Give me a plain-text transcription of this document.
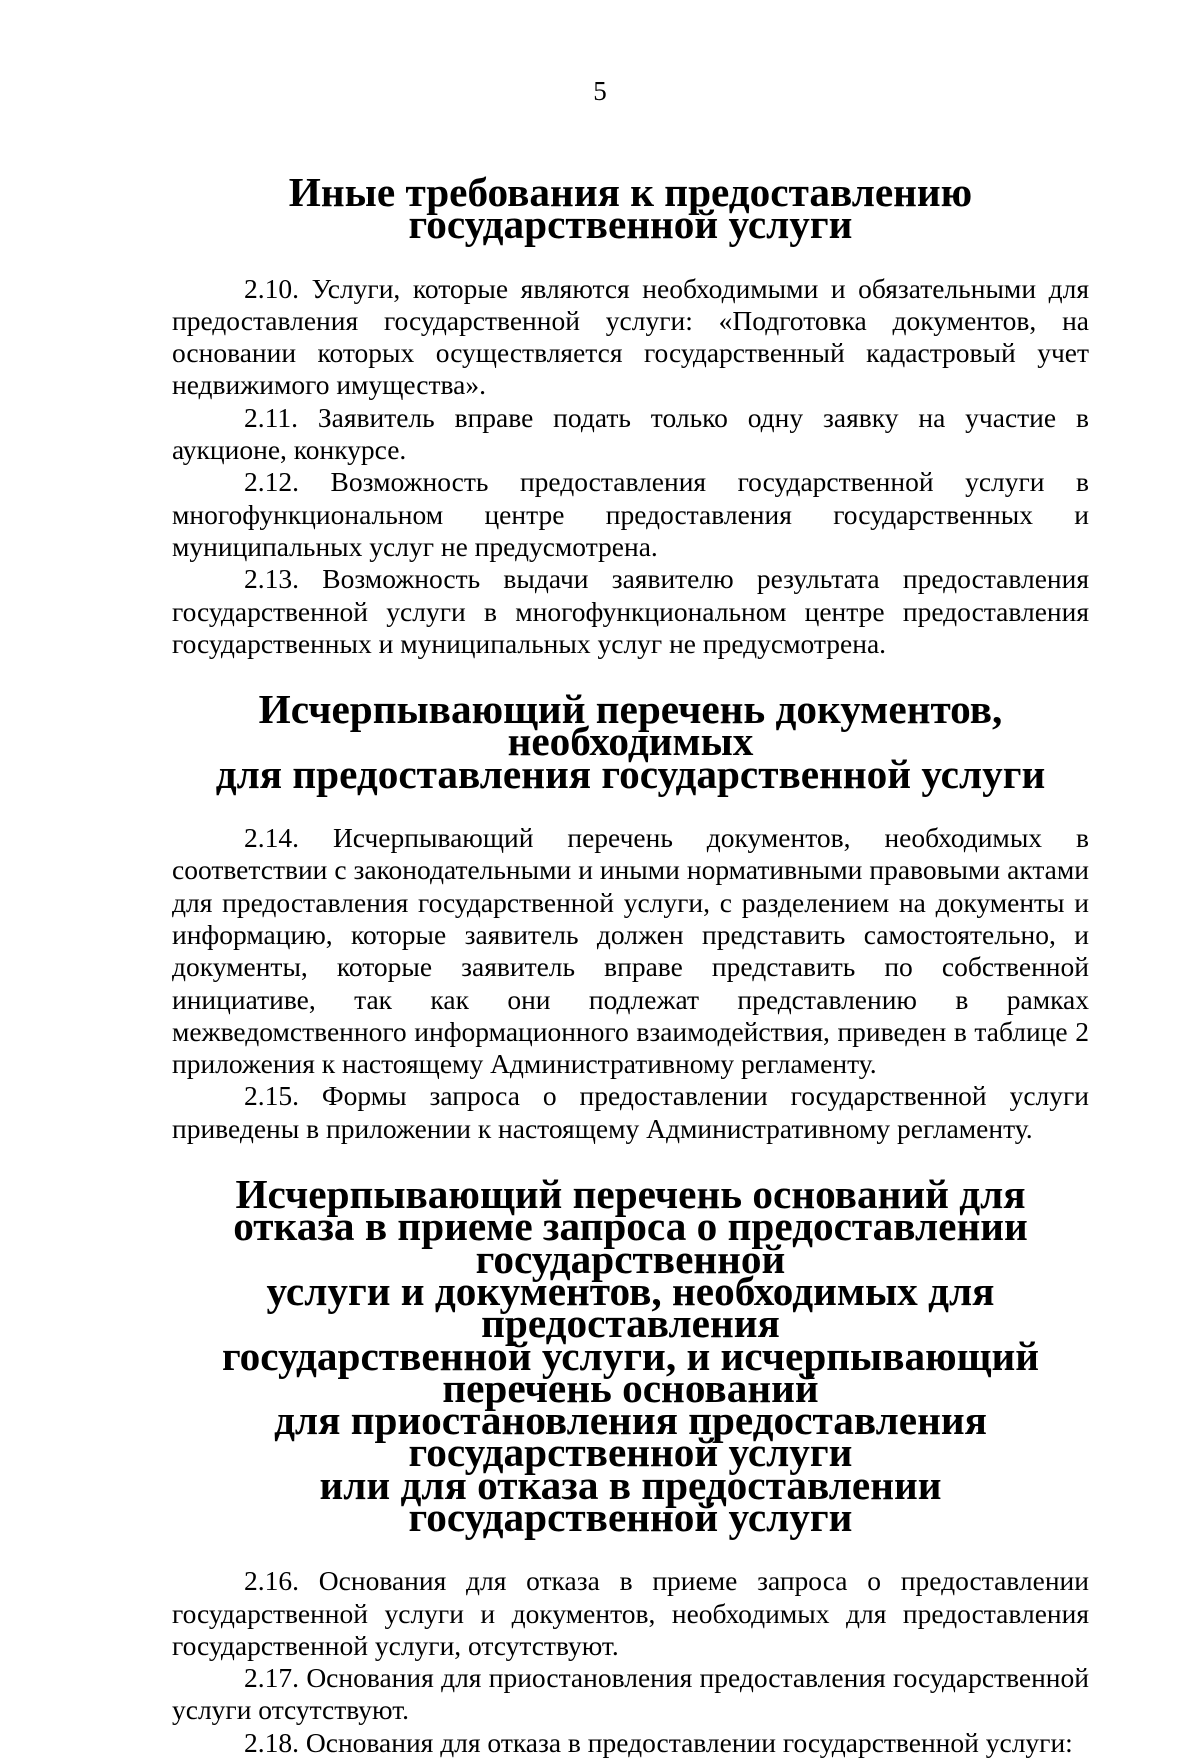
5
Иные требования к предоставлению государственной услуги

2.10. Услуги, которые являются необходимыми и обязательными для предоставления государственной услуги: «Подготовка документов, на основании которых осуществляется государственный кадастровый учет недвижимого имущества».

2.11. Заявитель вправе подать только одну заявку на участие в аукционе, конкурсе.

2.12. Возможность предоставления государственной услуги в многофункциональном центре предоставления государственных и муниципальных услуг не предусмотрена.

2.13. Возможность выдачи заявителю результата предоставления государственной услуги в многофункциональном центре предоставления государственных и муниципальных услуг не предусмотрена.

Исчерпывающий перечень документов, необходимых
для предоставления государственной услуги

2.14. Исчерпывающий перечень документов, необходимых в соответствии с законодательными и иными нормативными правовыми актами для предоставления государственной услуги, с разделением на документы и информацию, которые заявитель должен представить самостоятельно, и документы, которые заявитель вправе представить по собственной инициативе, так как они подлежат представлению в рамках межведомственного информационного взаимодействия, приведен в таблице 2 приложения к настоящему Административному регламенту.

2.15. Формы запроса о предоставлении государственной услуги приведены в приложении к настоящему Административному регламенту.

Исчерпывающий перечень оснований для
отказа в приеме запроса о предоставлении государственной
услуги и документов, необходимых для предоставления
государственной услуги, и исчерпывающий перечень оснований
для приостановления предоставления государственной услуги
или для отказа в предоставлении государственной услуги

2.16. Основания для отказа в приеме запроса о предоставлении государственной услуги и документов, необходимых для предоставления государственной услуги, отсутствуют.

2.17. Основания для приостановления предоставления государственной услуги отсутствуют.

2.18. Основания для отказа в предоставлении государственной услуги:
